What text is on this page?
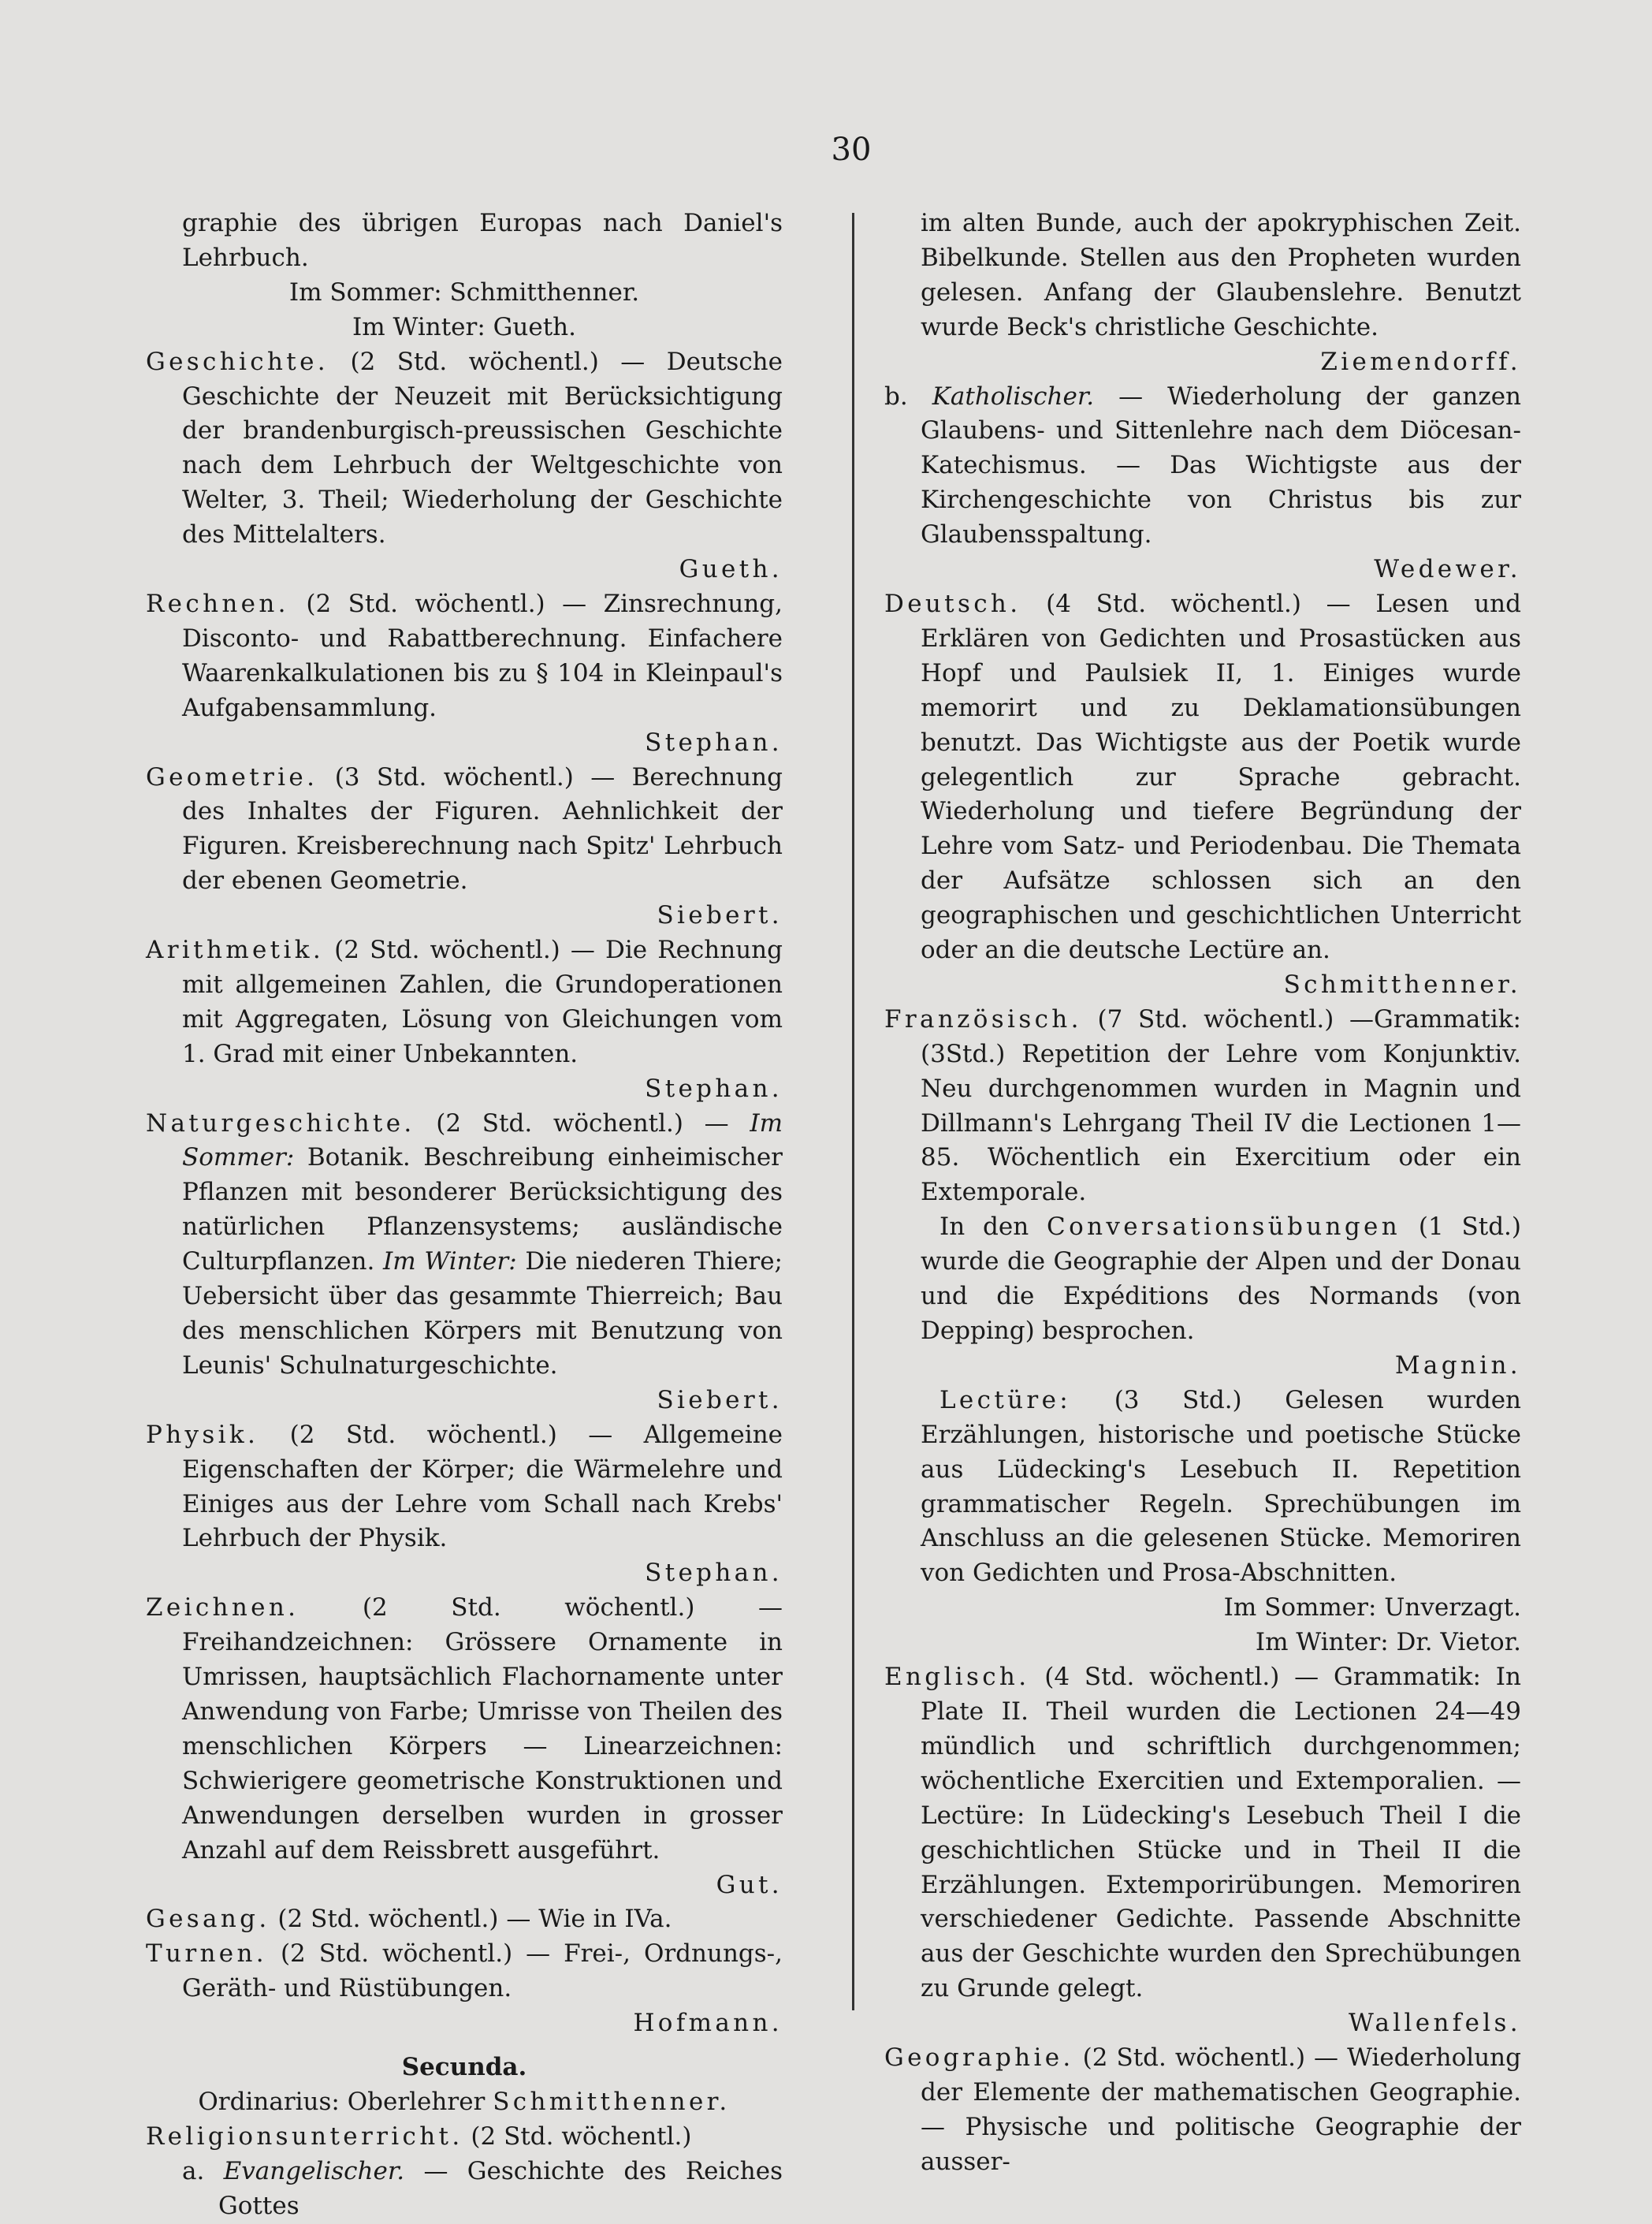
30

graphie des übrigen Europas nach Daniel's Lehrbuch.

Im Sommer: Schmitthenner.

Im Winter: Gueth.

Geschichte. (2 Std. wöchentl.) — Deutsche Geschichte der Neuzeit mit Berücksichtigung der brandenburgisch-preussischen Geschichte nach dem Lehrbuch der Weltgeschichte von Welter, 3. Theil; Wiederholung der Geschichte des Mittelalters.

Gueth.

Rechnen. (2 Std. wöchentl.) — Zinsrechnung, Disconto- und Rabattberechnung. Einfachere Waarenkalkulationen bis zu § 104 in Kleinpaul's Aufgabensammlung.

Stephan.

Geometrie. (3 Std. wöchentl.) — Berechnung des Inhaltes der Figuren. Aehnlichkeit der Figuren. Kreisberechnung nach Spitz' Lehrbuch der ebenen Geometrie.

Siebert.

Arithmetik. (2 Std. wöchentl.) — Die Rechnung mit allgemeinen Zahlen, die Grundoperationen mit Aggregaten, Lösung von Gleichungen vom 1. Grad mit einer Unbekannten.

Stephan.

Naturgeschichte. (2 Std. wöchentl.) — Im Sommer: Botanik. Beschreibung einheimischer Pflanzen mit besonderer Berücksichtigung des natürlichen Pflanzensystems; ausländische Culturpflanzen. Im Winter: Die niederen Thiere; Uebersicht über das gesammte Thierreich; Bau des menschlichen Körpers mit Benutzung von Leunis' Schulnaturgeschichte.

Siebert.

Physik. (2 Std. wöchentl.) — Allgemeine Eigenschaften der Körper; die Wärmelehre und Einiges aus der Lehre vom Schall nach Krebs' Lehrbuch der Physik.

Stephan.

Zeichnen.	(2 Std. wöchentl.) — Freihandzeichnen: Grössere Ornamente in Umrissen, hauptsächlich Flachornamente unter Anwendung von Farbe; Umrisse von Theilen des menschlichen Körpers — Linearzeichnen: Schwierigere geometrische Konstruktionen und Anwendungen derselben wurden in grosser Anzahl auf dem Reissbrett ausgeführt.

Gut.

Gesang. (2 Std. wöchentl.) — Wie in IVa.

Turnen. (2 Std. wöchentl.) — Frei-, Ordnungs-, Geräth- und Rüstübungen.

Hofmann.

Secunda.

Ordinarius: Oberlehrer Schmitthenner.

Religionsunterricht. (2 Std. wöchentl.)

a. Evangelischer. — Geschichte des Reiches Gottes

im alten Bunde, auch der apokryphischen Zeit. Bibelkunde. Stellen aus den Propheten wurden gelesen. Anfang der Glaubenslehre. Benutzt wurde Beck's christliche Geschichte.

Ziemendorff.

b. Katholischer. — Wiederholung der ganzen Glaubens- und Sittenlehre nach dem Diöcesan-Katechismus. — Das Wichtigste aus der Kirchengeschichte von Christus bis zur Glaubensspaltung.

Wedewer.

Deutsch. (4 Std. wöchentl.) — Lesen und Erklären von Gedichten und Prosastücken aus Hopf und Paulsiek II, 1. Einiges wurde memorirt und zu Deklamationsübungen benutzt. Das Wichtigste aus der Poetik wurde gelegentlich zur Sprache gebracht. Wiederholung und tiefere Begründung der Lehre vom Satz- und Periodenbau. Die Themata der Aufsätze schlossen sich an den geographischen und geschichtlichen Unterricht oder an die deutsche Lectüre an.

Schmitthenner.

Französisch. (7 Std. wöchentl.) —Grammatik: (3Std.) Repetition der Lehre vom Konjunktiv. Neu durchgenommen wurden in Magnin und Dillmann's Lehrgang Theil IV die Lectionen 1—85. Wöchentlich ein Exercitium oder ein Extemporale.

In den Conversationsübungen (1 Std.) wurde die Geographie der Alpen und der Donau und die Expéditions des Normands (von Depping) besprochen.

Magnin.

Lectüre: (3 Std.) Gelesen wurden Erzählungen, historische und poetische Stücke aus Lüdecking's Lesebuch II. Repetition grammatischer Regeln. Sprechübungen im Anschluss an die gelesenen Stücke. Memoriren von Gedichten und Prosa-Abschnitten.

Im Sommer: Unverzagt.

Im Winter: Dr. Vietor.

Englisch. (4 Std. wöchentl.) — Grammatik: In Plate II. Theil wurden die Lectionen 24—49 mündlich und schriftlich durchgenommen; wöchentliche Exercitien und Extemporalien. — Lectüre: In Lüdecking's Lesebuch Theil I die geschichtlichen Stücke und in Theil II die Erzählungen. Extemporirübungen. Memoriren verschiedener Gedichte. Passende Abschnitte aus der Geschichte wurden den Sprechübungen zu Grunde gelegt.

Wallenfels.

Geographie. (2 Std. wöchentl.) — Wiederholung der Elemente der mathematischen Geographie. — Physische und politische Geographie der ausser-
